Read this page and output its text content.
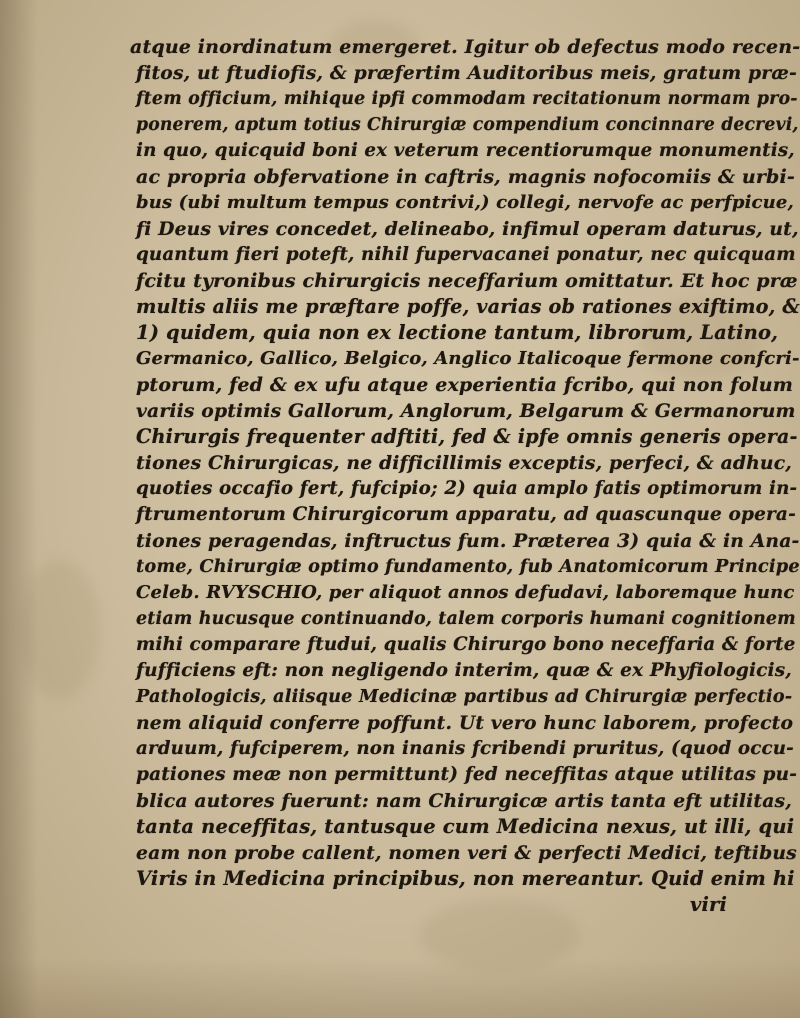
atque inordinatum emergeret. Igitur ob defectus modo recen-
fitos, ut ftudiofis, & præfertim Auditoribus meis, gratum præ-
ftem officium, mihique ipfi commodam recitationum normam pro-
ponerem, aptum totius Chirurgiæ compendium concinnare decrevi,
in quo, quicquid boni ex veterum recentiorumque monumentis,
ac propria obfervatione in caftris, magnis nofocomiis & urbi-
bus (ubi multum tempus contrivi,) collegi, nervofe ac perfpicue,
fi Deus vires concedet, delineabo, infimul operam daturus, ut,
quantum fieri poteft, nihil fupervacanei ponatur, nec quicquam
fcitu tyronibus chirurgicis neceffarium omittatur. Et hoc præ
multis aliis me præftare poffe, varias ob rationes exiftimo, &
1) quidem, quia non ex lectione tantum, librorum, Latino,
Germanico, Gallico, Belgico, Anglico Italicoque fermone confcri-
ptorum, fed & ex ufu atque experientia fcribo, qui non folum
variis optimis Gallorum, Anglorum, Belgarum & Germanorum
Chirurgis frequenter adftiti, fed & ipfe omnis generis opera-
tiones Chirurgicas, ne difficillimis exceptis, perfeci, & adhuc,
quoties occafio fert, fufcipio; 2) quia amplo fatis optimorum in-
ftrumentorum Chirurgicorum apparatu, ad quascunque opera-
tiones peragendas, inftructus fum. Præterea 3) quia & in Ana-
tome, Chirurgiæ optimo fundamento, fub Anatomicorum Principe
Celeb. RVYSCHIO, per aliquot annos defudavi, laboremque hunc
etiam hucusque continuando, talem corporis humani cognitionem
mihi comparare ftudui, qualis Chirurgo bono neceffaria & forte
fufficiens eft: non negligendo interim, quæ & ex Phyfiologicis,
Pathologicis, aliisque Medicinæ partibus ad Chirurgiæ perfectio-
nem aliquid conferre poffunt. Ut vero hunc laborem, profecto
arduum, fufciperem, non inanis fcribendi pruritus, (quod occu-
pationes meæ non permittunt) fed neceffitas atque utilitas pu-
blica autores fuerunt: nam Chirurgicæ artis tanta eft utilitas,
tanta neceffitas, tantusque cum Medicina nexus, ut illi, qui
eam non probe callent, nomen veri & perfecti Medici, teftibus
Viris in Medicina principibus, non mereantur. Quid enim hi
viri
